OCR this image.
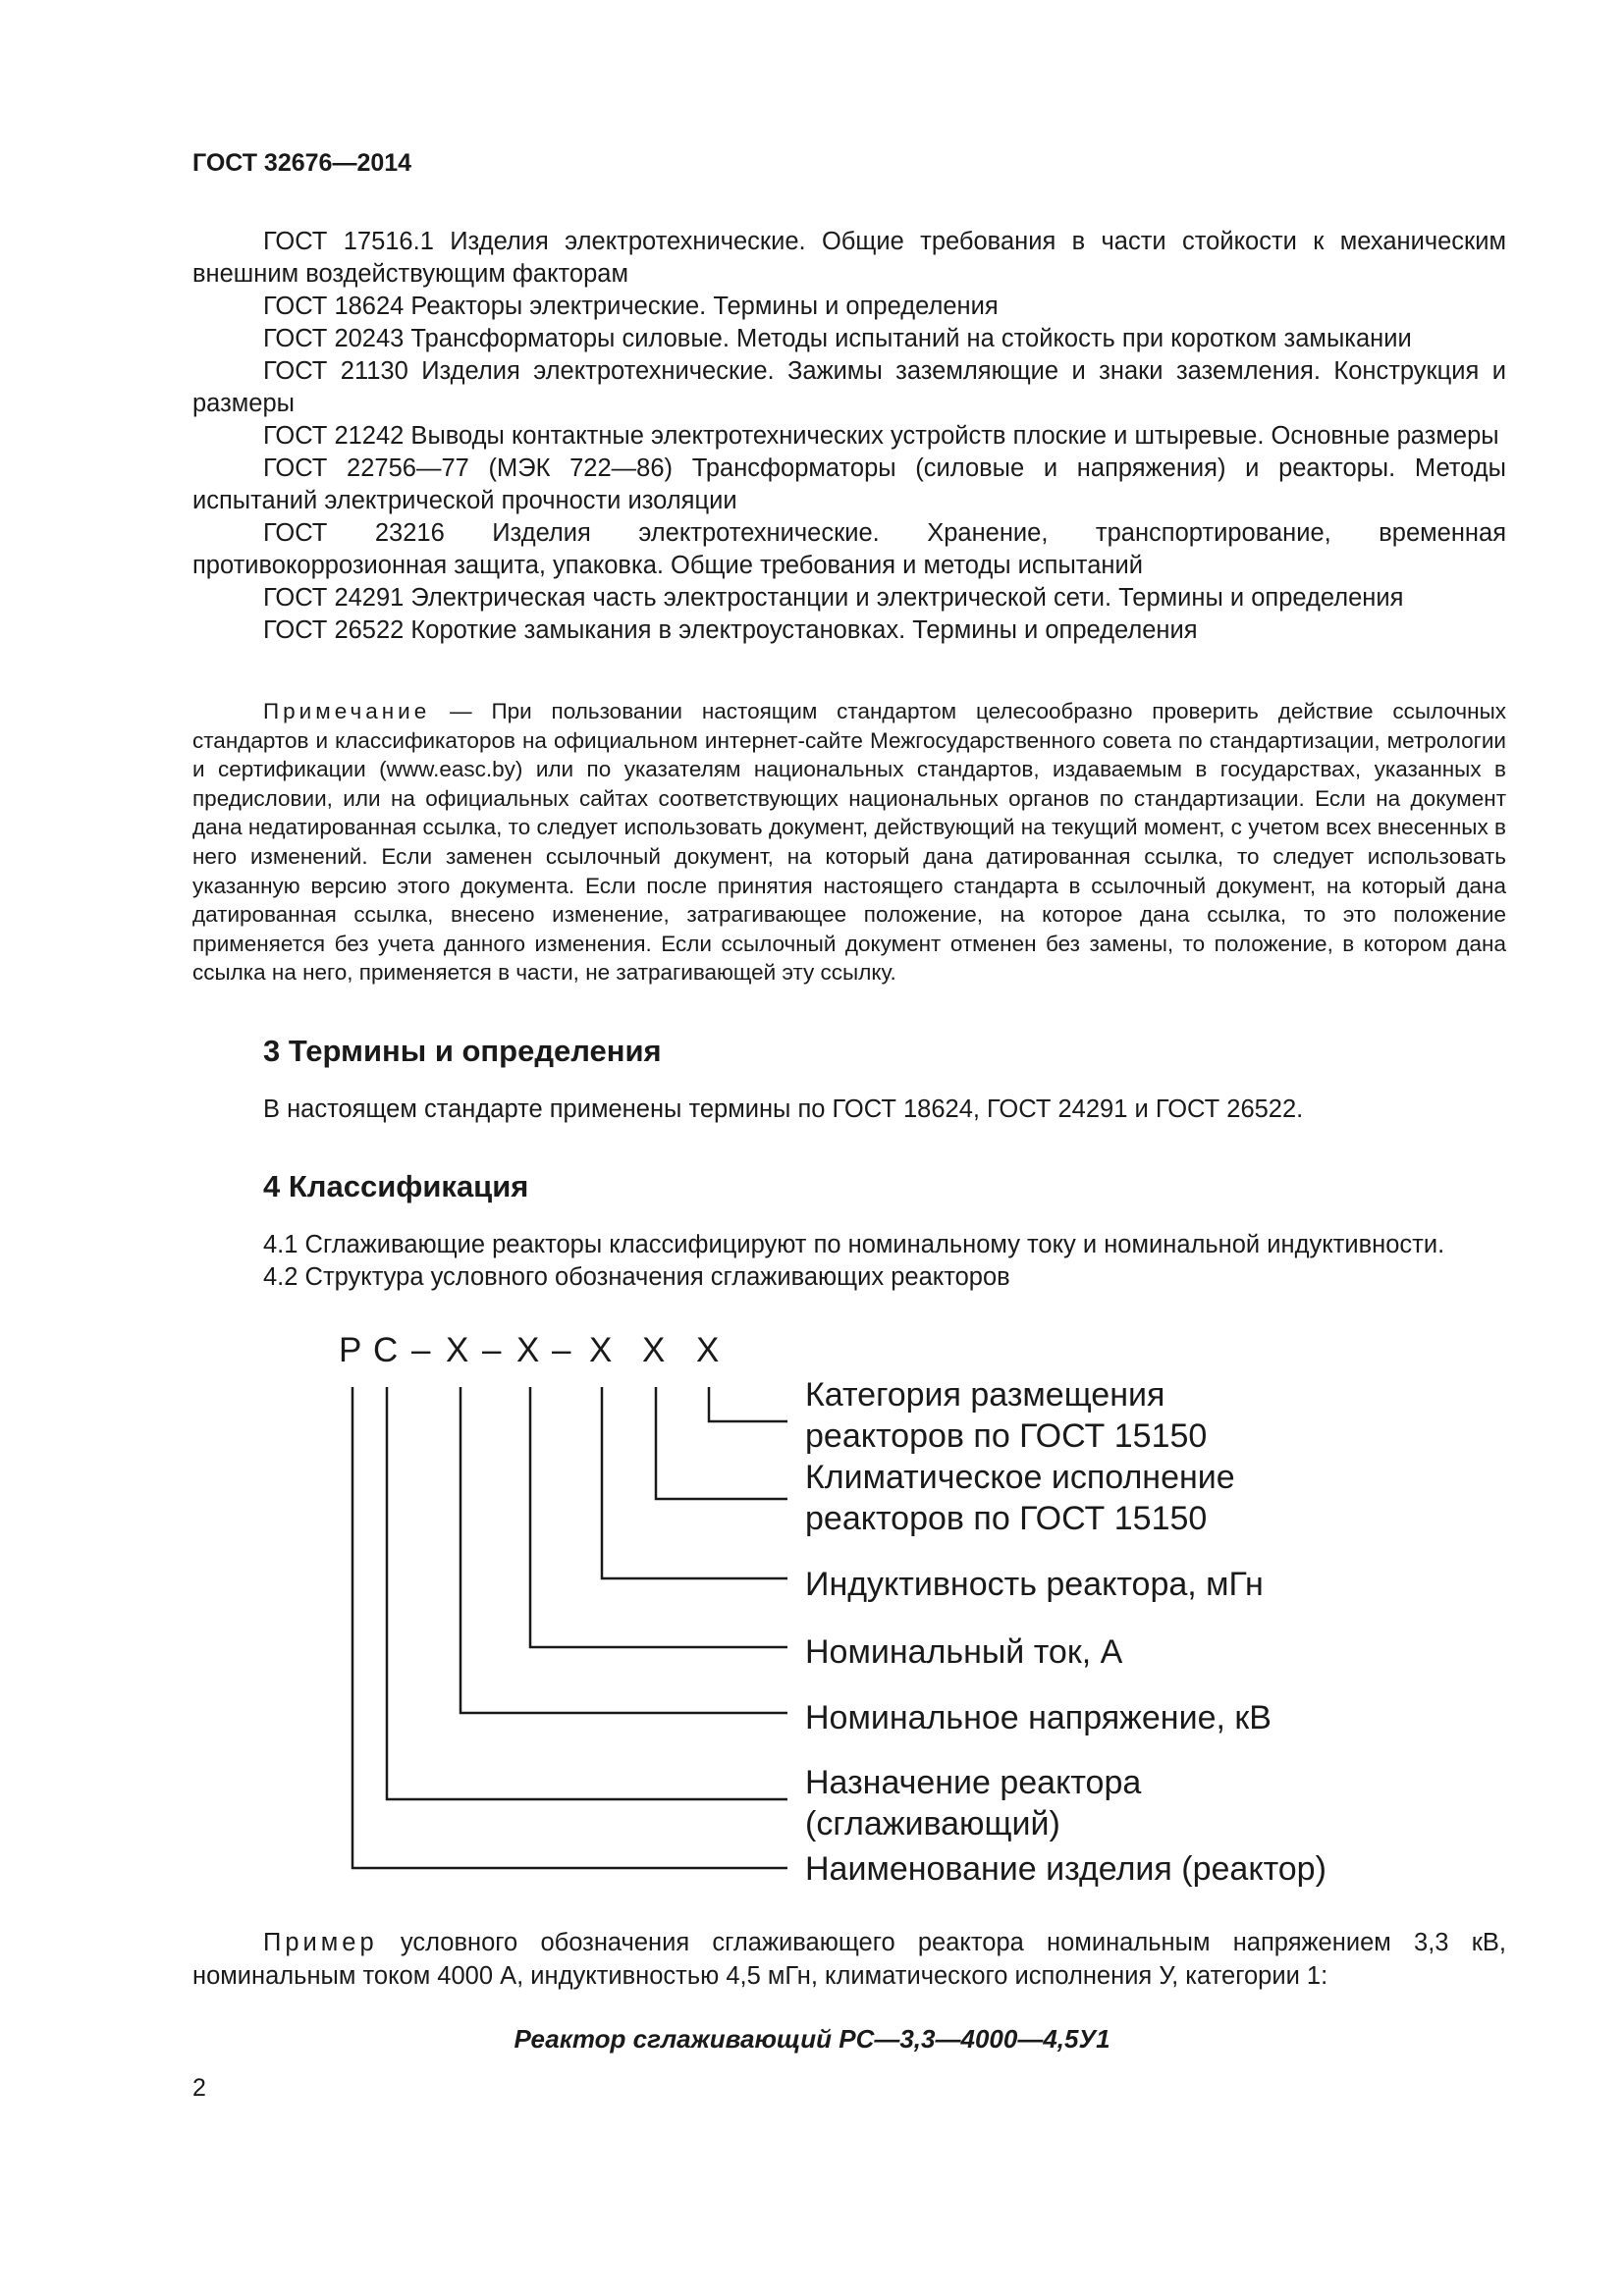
ГОСТ 32676—2014

ГОСТ 17516.1 Изделия электротехнические. Общие требования в части стойкости к механическим внешним воздействующим факторам

ГОСТ 18624 Реакторы электрические. Термины и определения

ГОСТ 20243 Трансформаторы силовые. Методы испытаний на стойкость при коротком замыкании

ГОСТ 21130 Изделия электротехнические. Зажимы заземляющие и знаки заземления. Конструкция и размеры

ГОСТ 21242 Выводы контактные электротехнических устройств плоские и штыревые. Основные размеры

ГОСТ 22756—77 (МЭК 722—86) Трансформаторы (силовые и напряжения) и реакторы. Методы испытаний электрической прочности изоляции

ГОСТ 23216 Изделия электротехнические. Хранение, транспортирование, временная противокоррозионная защита, упаковка. Общие требования и методы испытаний

ГОСТ 24291 Электрическая часть электростанции и электрической сети. Термины и определения

ГОСТ 26522 Короткие замыкания в электроустановках. Термины и определения

Примечание — При пользовании настоящим стандартом целесообразно проверить действие ссылочных стандартов и классификаторов на официальном интернет-сайте Межгосударственного совета по стандартизации, метрологии и сертификации (www.easc.by) или по указателям национальных стандартов, издаваемым в государствах, указанных в предисловии, или на официальных сайтах соответствующих национальных органов по стандартизации. Если на документ дана недатированная ссылка, то следует использовать документ, действующий на текущий момент, с учетом всех внесенных в него изменений. Если заменен ссылочный документ, на который дана датированная ссылка, то следует использовать указанную версию этого документа. Если после принятия настоящего стандарта в ссылочный документ, на который дана датированная ссылка, внесено изменение, затрагивающее положение, на которое дана ссылка, то это положение применяется без учета данного изменения. Если ссылочный документ отменен без замены, то положение, в котором дана ссылка на него, применяется в части, не затрагивающей эту ссылку.

3 Термины и определения
В настоящем стандарте применены термины по ГОСТ 18624, ГОСТ 24291 и ГОСТ 26522.
4 Классификация
4.1 Сглаживающие реакторы классифицируют по номинальному току и номинальной индуктивности.
4.2 Структура условного обозначения сглаживающих реакторов
Р С – Х – Х – Х Х Х
Категория размещения
реакторов по ГОСТ 15150
Климатическое исполнение
реакторов по ГОСТ 15150
Индуктивность реактора, мГн
Номинальный ток, А
Номинальное напряжение, кВ
Назначение реактора
(сглаживающий)
Наименование изделия (реактор)

Пример условного обозначения сглаживающего реактора номинальным напряжением 3,3 кВ, номинальным током 4000 А, индуктивностью 4,5 мГн, климатического исполнения У, категории 1:

Реактор сглаживающий РС—3,3—4000—4,5У1
2
